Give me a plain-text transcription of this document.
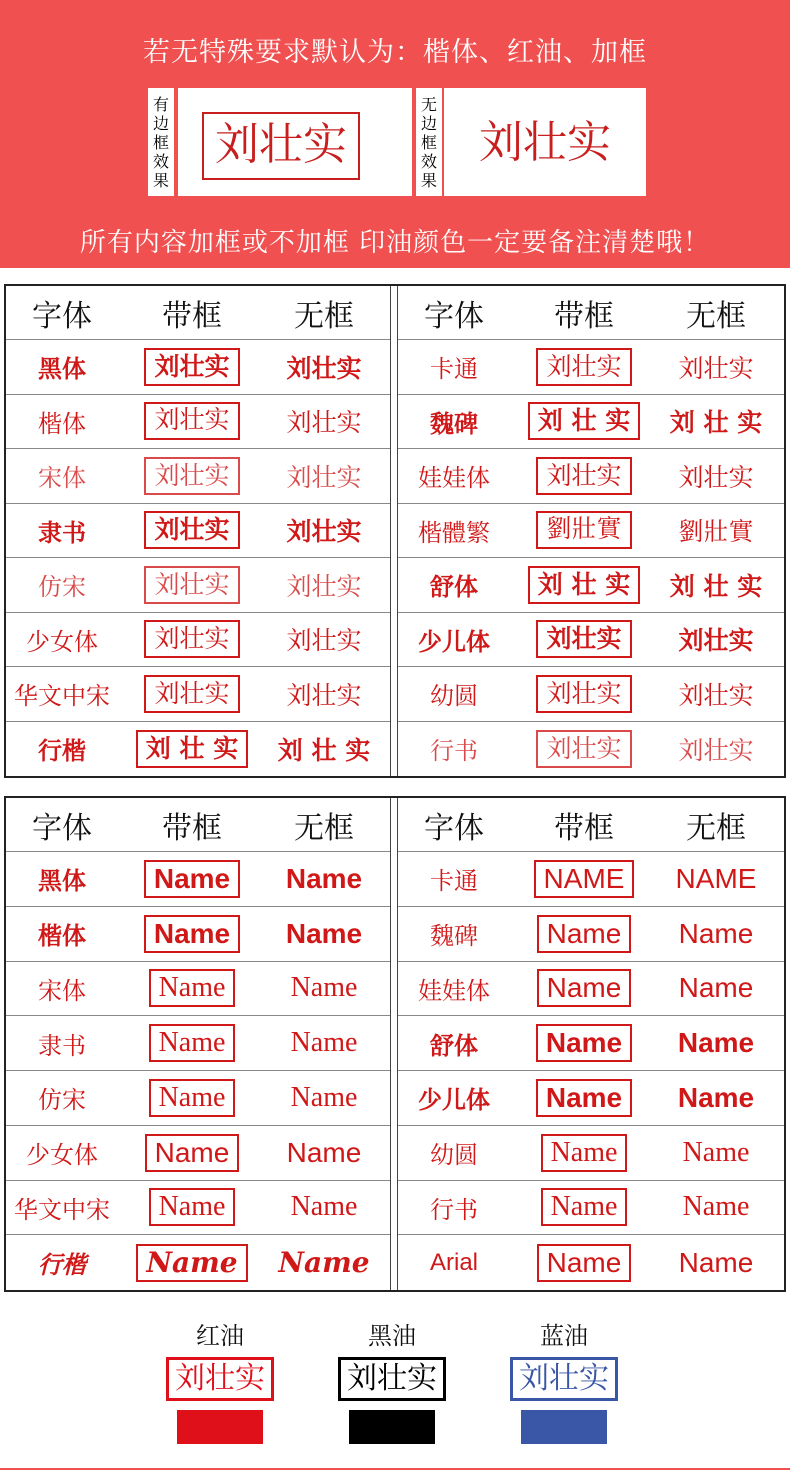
若无特殊要求默认为：楷体、红油、加框
有
边
框
效
果
刘壮实
无
边
框
效
果
刘壮实
所有内容加框或不加框 印油颜色一定要备注清楚哦！
字体	带框	无框
黑体	刘壮实	刘壮实
楷体	刘壮实	刘壮实
宋体	刘壮实	刘壮实
隶书	刘壮实	刘壮实
仿宋	刘壮实	刘壮实
少女体	刘壮实	刘壮实
华文中宋	刘壮实	刘壮实
行楷	刘 壮 实	刘 壮 实
字体	带框	无框
卡通	刘壮实	刘壮实
魏碑	刘 壮 实	刘 壮 实
娃娃体	刘壮实	刘壮实
楷體繁	劉壯實	劉壯實
舒体	刘 壮 实	刘 壮 实
少儿体	刘壮实	刘壮实
幼圆	刘壮实	刘壮实
行书	刘壮实	刘壮实
字体	带框	无框
黑体	Name	Name
楷体	Name	Name
宋体	Name	Name
隶书	Name	Name
仿宋	Name	Name
少女体	Name	Name
华文中宋	Name	Name
行楷	Name	Name
字体	带框	无框
卡通	NAME	NAME
魏碑	Name	Name
娃娃体	Name	Name
舒体	Name	Name
少儿体	Name	Name
幼圆	Name	Name
行书	Name	Name
Arial	Name	Name
红油
刘壮实
黑油
刘壮实
蓝油
刘壮实
